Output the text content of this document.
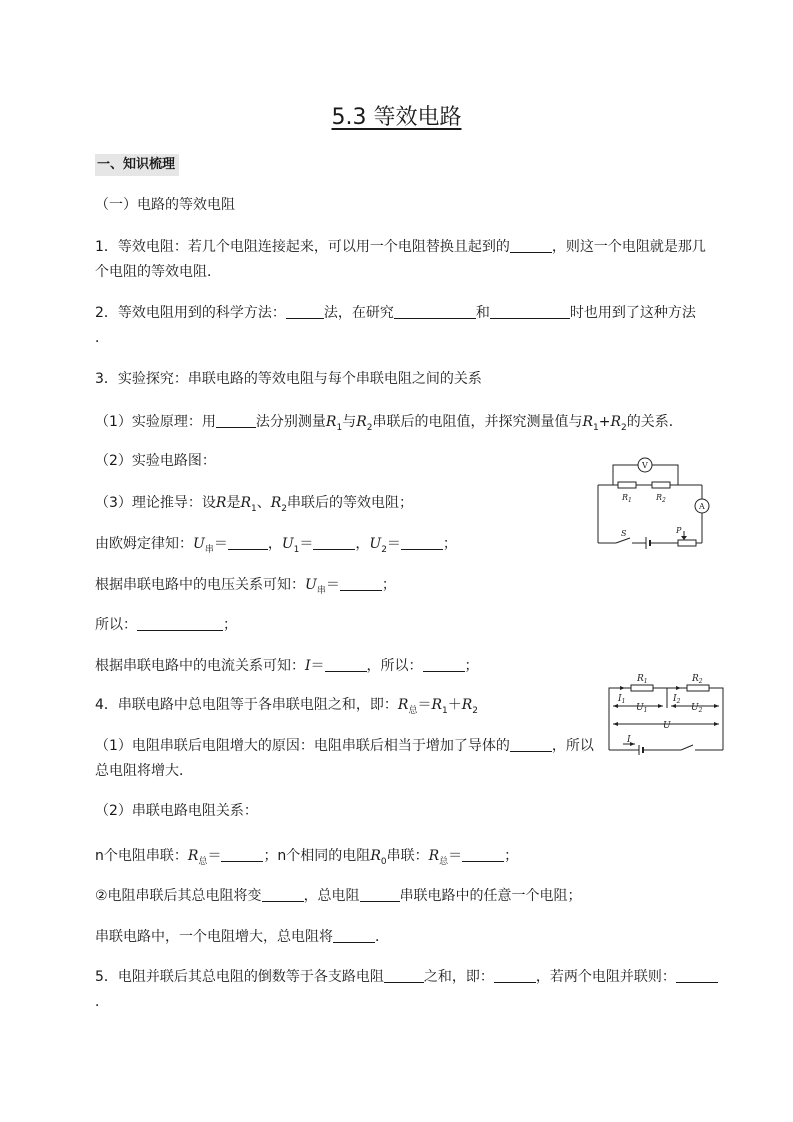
5.3 等效电路
一、知识梳理
（一）电路的等效电阻
1．等效电阻：若几个电阻连接起来，可以用一个电阻替换且起到的	，则这一个电阻就是那几
个电阻的等效电阻．
2．等效电阻用到的科学方法：	法，在研究	和	时也用到了这种方法
．
3．实验探究：串联电路的等效电阻与每个串联电阻之间的关系
（1）实验原理：用	法分别测量$R_1$与$R_2$串联后的电阻值，并探究测量值与$R_1+R_2$的关系．
（2）实验电路图：
（3）理论推导：设R是$R_1$、$R_2$串联后的等效电阻；
由欧姆定律知：$U_串=$	，$U_1=$	，$U_2=$	；
根据串联电路中的电压关系可知：$U_串=$	；
所以：	；
根据串联电路中的电流关系可知：I＝	，所以：	；
4．串联电路中总电阻等于各串联电阻之和，即：$R_总=R_1+R_2$
（1）电阻串联后电阻增大的原因：电阻串联后相当于增加了导体的	，所以
总电阻将增大．
（2）串联电路电阻关系：
n个电阻串联：$R_总=$	；n个相同的电阻$R_0$串联：$R_总=$	；
②电阻串联后其总电阻将变	，总电阻	串联电路中的任意一个电阻；
串联电路中，一个电阻增大，总电阻将	．
5．电阻并联后其总电阻的倒数等于各支路电阻	之和，即：	，若两个电阻并联则：
．
V
A
$R_1$	$R_2$
S	P
$R_1$	$R_2$
$I_1$	$I_2$
$U_1$	$U_2$
U
I
